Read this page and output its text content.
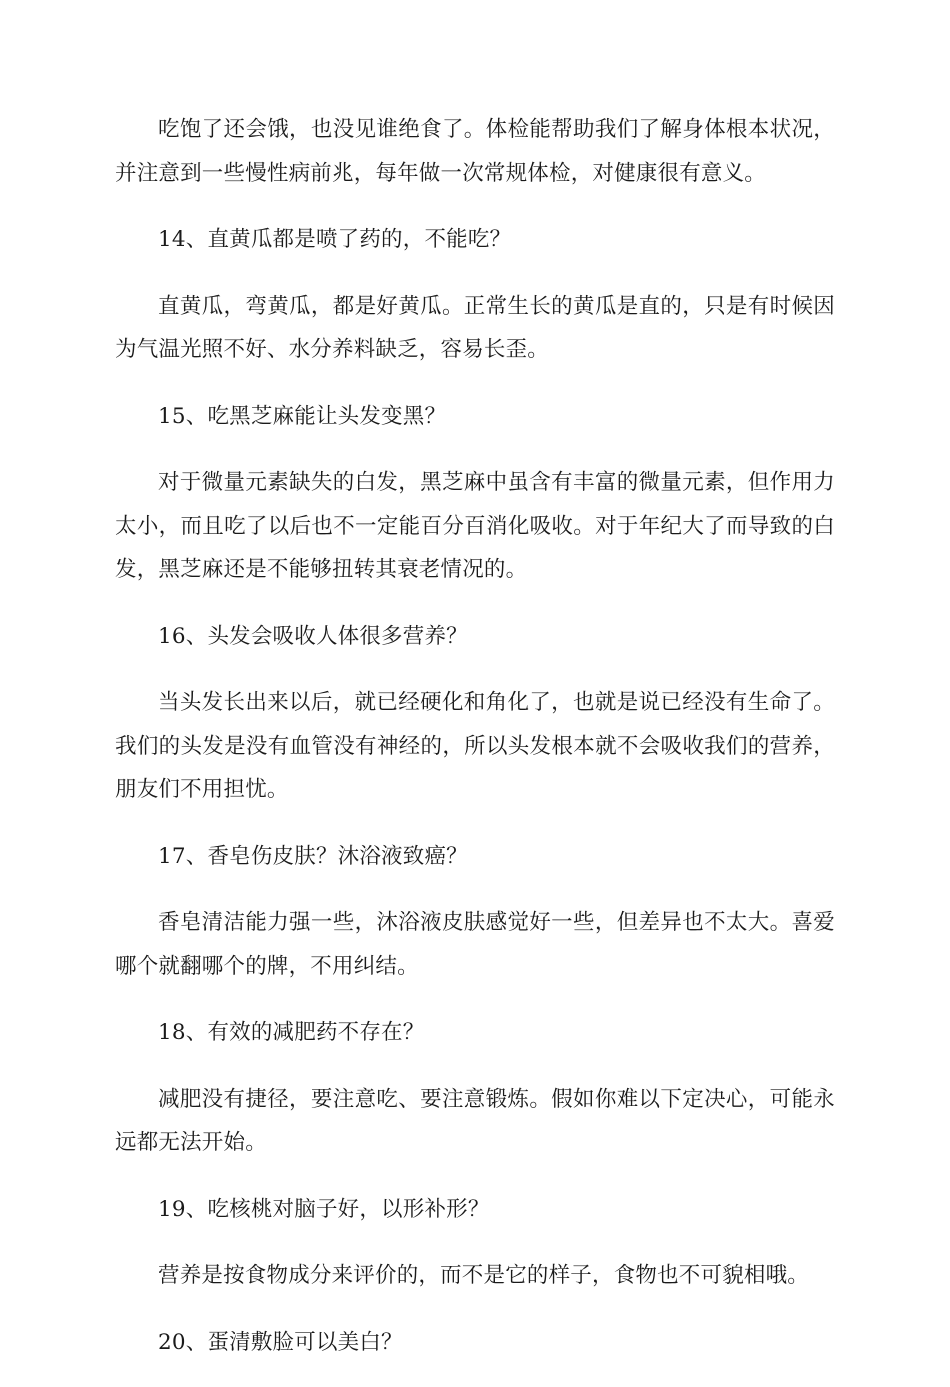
吃饱了还会饿，也没见谁绝食了。体检能帮助我们了解身体根本状况，并注意到一些慢性病前兆，每年做一次常规体检，对健康很有意义。

14、直黄瓜都是喷了药的，不能吃？

直黄瓜，弯黄瓜，都是好黄瓜。正常生长的黄瓜是直的，只是有时候因为气温光照不好、水分养料缺乏，容易长歪。

15、吃黑芝麻能让头发变黑？

对于微量元素缺失的白发，黑芝麻中虽含有丰富的微量元素，但作用力太小，而且吃了以后也不一定能百分百消化吸收。对于年纪大了而导致的白发，黑芝麻还是不能够扭转其衰老情况的。

16、头发会吸收人体很多营养？

当头发长出来以后，就已经硬化和角化了，也就是说已经没有生命了。我们的头发是没有血管没有神经的，所以头发根本就不会吸收我们的营养，朋友们不用担忧。

17、香皂伤皮肤？沐浴液致癌？

香皂清洁能力强一些，沐浴液皮肤感觉好一些，但差异也不太大。喜爱哪个就翻哪个的牌，不用纠结。

18、有效的减肥药不存在？

减肥没有捷径，要注意吃、要注意锻炼。假如你难以下定决心，可能永远都无法开始。

19、吃核桃对脑子好，以形补形？

营养是按食物成分来评价的，而不是它的样子，食物也不可貌相哦。

20、蛋清敷脸可以美白？
